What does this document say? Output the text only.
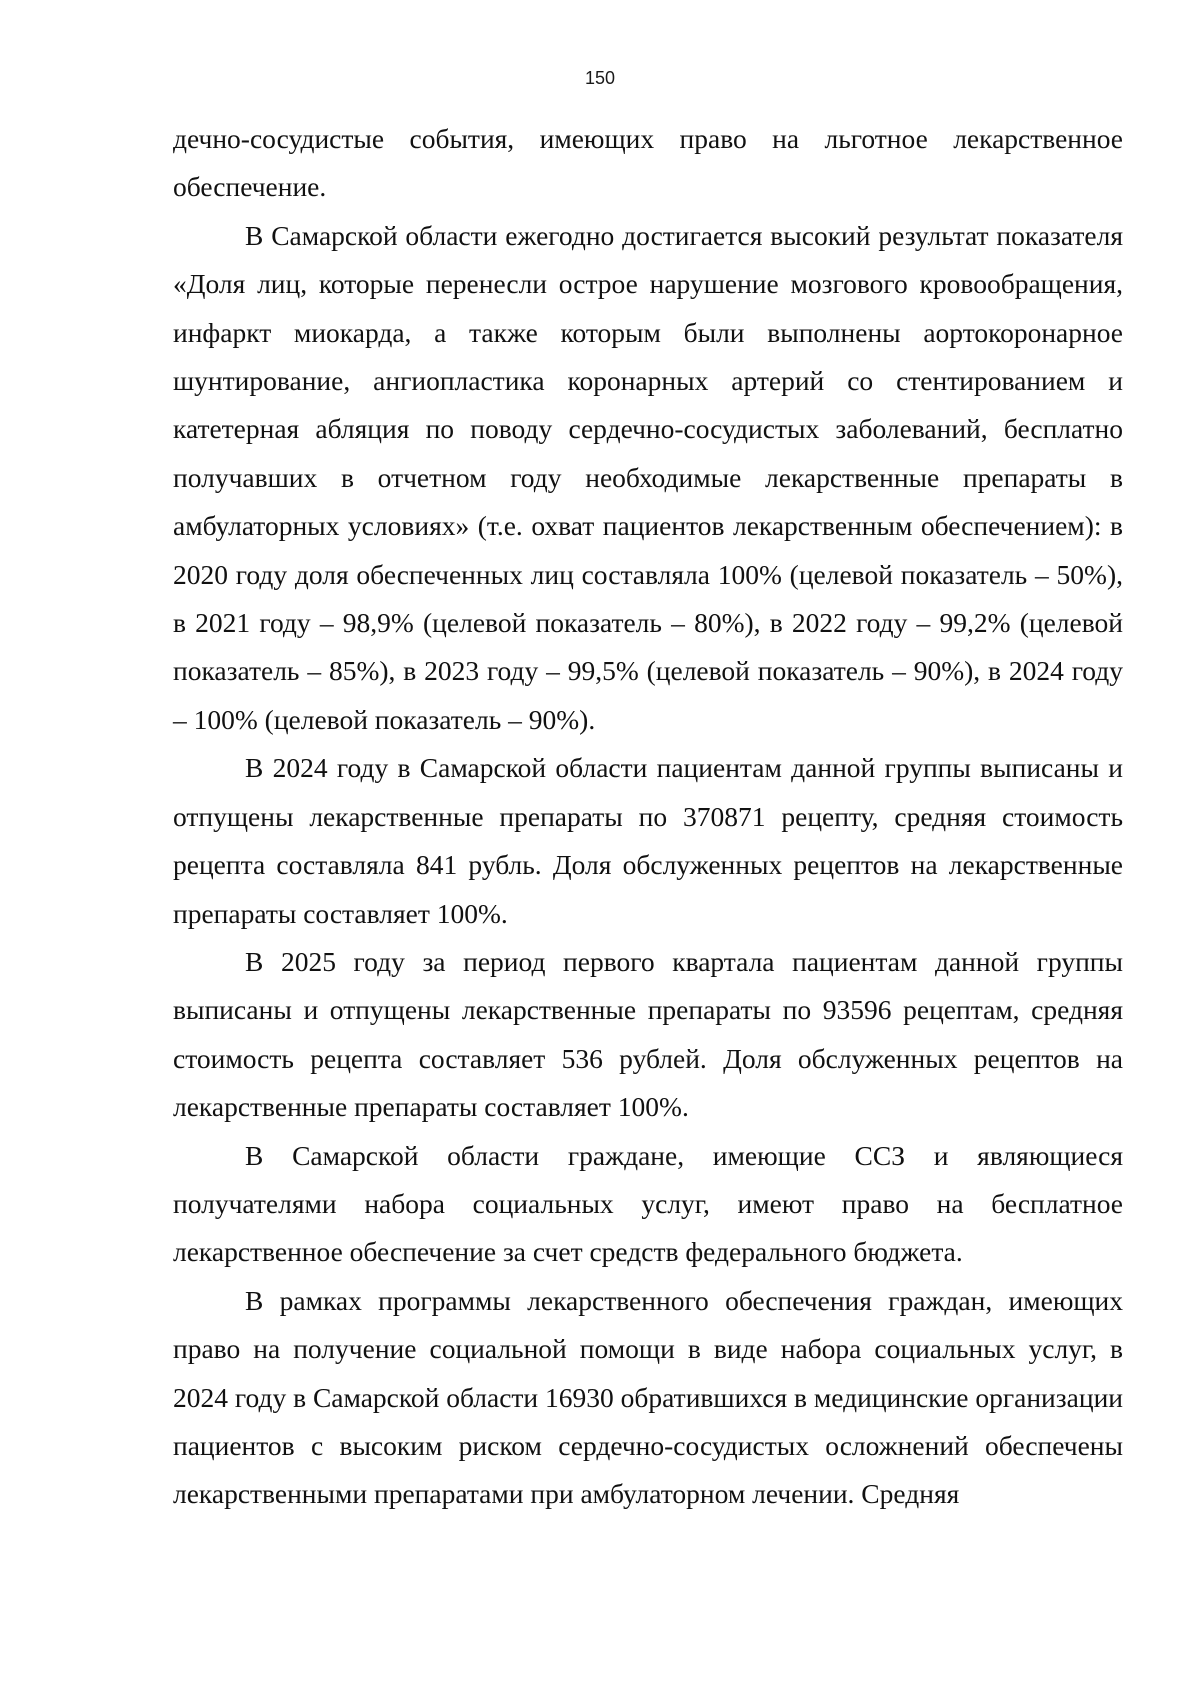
150

дечно-сосудистые события, имеющих право на льготное лекарственное обеспечение.

В Самарской области ежегодно достигается высокий результат показателя «Доля лиц, которые перенесли острое нарушение мозгового кровообращения, инфаркт миокарда, а также которым были выполнены аортокоронарное шунтирование, ангиопластика коронарных артерий со стентированием и катетерная абляция по поводу сердечно-сосудистых заболеваний, бесплатно получавших в отчетном году необходимые лекарственные препараты в амбулаторных условиях» (т.е. охват пациентов лекарственным обеспечением): в 2020 году доля обеспеченных лиц составляла 100% (целевой показатель – 50%), в 2021 году – 98,9% (целевой показатель – 80%), в 2022 году – 99,2% (целевой показатель – 85%), в 2023 году – 99,5% (целевой показатель – 90%), в 2024 году – 100% (целевой показатель – 90%).

В 2024 году в Самарской области пациентам данной группы выписаны и отпущены лекарственные препараты по 370871 рецепту, средняя стоимость рецепта составляла 841 рубль. Доля обслуженных рецептов на лекарственные препараты составляет 100%.

В 2025 году за период первого квартала пациентам данной группы выписаны и отпущены лекарственные препараты по 93596 рецептам, средняя стоимость рецепта составляет 536 рублей. Доля обслуженных рецептов на лекарственные препараты составляет 100%.

В Самарской области граждане, имеющие ССЗ и являющиеся получателями набора социальных услуг, имеют право на бесплатное лекарственное обеспечение за счет средств федерального бюджета.

В рамках программы лекарственного обеспечения граждан, имеющих право на получение социальной помощи в виде набора социальных услуг, в 2024 году в Самарской области 16930 обратившихся в медицинские организации пациентов с высоким риском сердечно-сосудистых осложнений обеспечены лекарственными препаратами при амбулаторном лечении. Средняя
